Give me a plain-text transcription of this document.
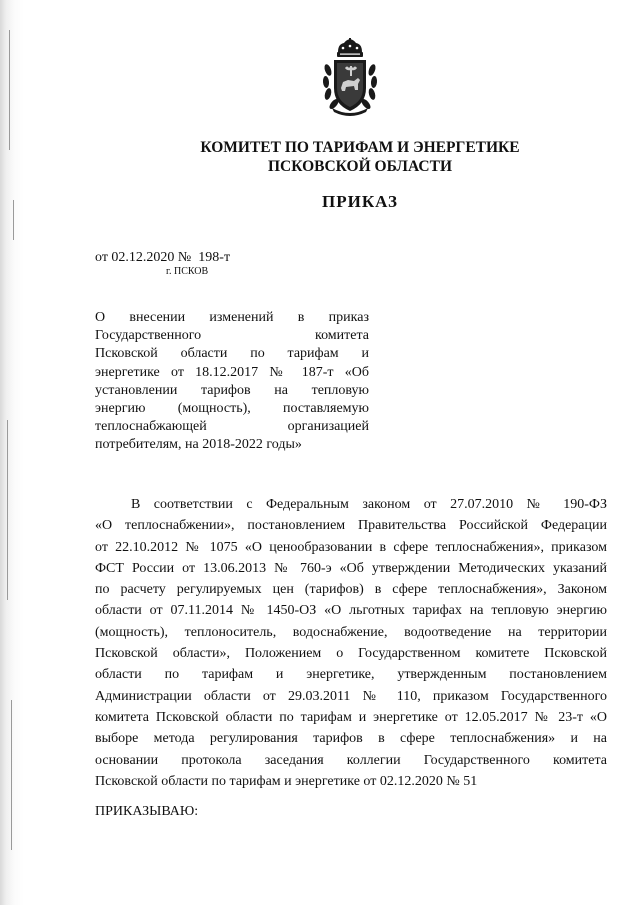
КОМИТЕТ ПО ТАРИФАМ И ЭНЕРГЕТИКЕ
ПСКОВСКОЙ ОБЛАСТИ
ПРИКАЗ
от 02.12.2020 №  198-т
г. ПСКОВ
О внесении изменений в приказ
Государственного комитета
Псковской области по тарифам и
энергетике от 18.12.2017 № 187-т «Об
установлении тарифов на тепловую
энергию (мощность), поставляемую
теплоснабжающей организацией
потребителям, на 2018-2022 годы»
В соответствии с Федеральным законом от 27.07.2010 № 190-ФЗ
«О теплоснабжении», постановлением Правительства Российской Федерации
от 22.10.2012 № 1075 «О ценообразовании в сфере теплоснабжения», приказом
ФСТ России от 13.06.2013 № 760-э «Об утверждении Методических указаний
по расчету регулируемых цен (тарифов) в сфере теплоснабжения», Законом
области от 07.11.2014 № 1450-ОЗ «О льготных тарифах на тепловую энергию
(мощность), теплоноситель, водоснабжение, водоотведение на территории
Псковской области», Положением о Государственном комитете Псковской
области по тарифам и энергетике, утвержденным постановлением
Администрации области от 29.03.2011 № 110, приказом Государственного
комитета Псковской области по тарифам и энергетике от 12.05.2017 № 23-т «О
выборе метода регулирования тарифов в сфере теплоснабжения» и на
основании протокола заседания коллегии Государственного комитета
Псковской области по тарифам и энергетике от 02.12.2020 № 51
ПРИКАЗЫВАЮ:
